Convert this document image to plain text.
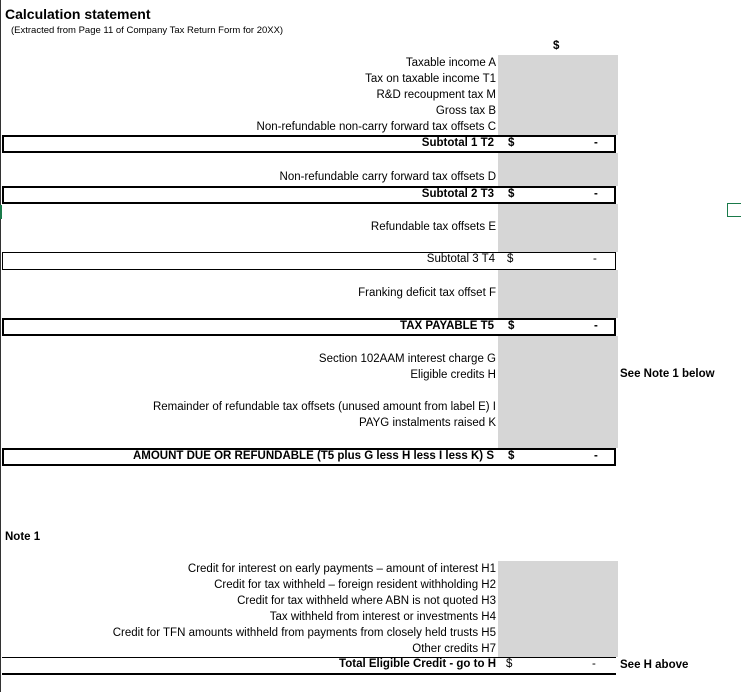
Calculation statement
(Extracted from Page 11 of Company Tax Return Form for 20XX)
$
Taxable income A
Tax on taxable income T1
R&D recoupment tax M
Gross tax B
Non-refundable non-carry forward tax offsets C
Subtotal 1 T2 $	-
Non-refundable carry forward tax offsets D
Subtotal 2 T3 $	-
Refundable tax offsets E
Subtotal 3 T4 $	-
Franking deficit tax offset F
TAX PAYABLE T5 $	-
Section 102AAM interest charge G
Eligible credits H	See Note 1 below
Remainder of refundable tax offsets (unused amount from label E) I
PAYG instalments raised K
AMOUNT DUE OR REFUNDABLE (T5 plus G less H less I less K) S $	-
Note 1
Credit for interest on early payments – amount of interest H1
Credit for tax withheld – foreign resident withholding H2
Credit for tax withheld where ABN is not quoted H3
Tax withheld from interest or investments H4
Credit for TFN amounts withheld from payments from closely held trusts H5
Other credits H7
Total Eligible Credit - go to H $	- See H above
